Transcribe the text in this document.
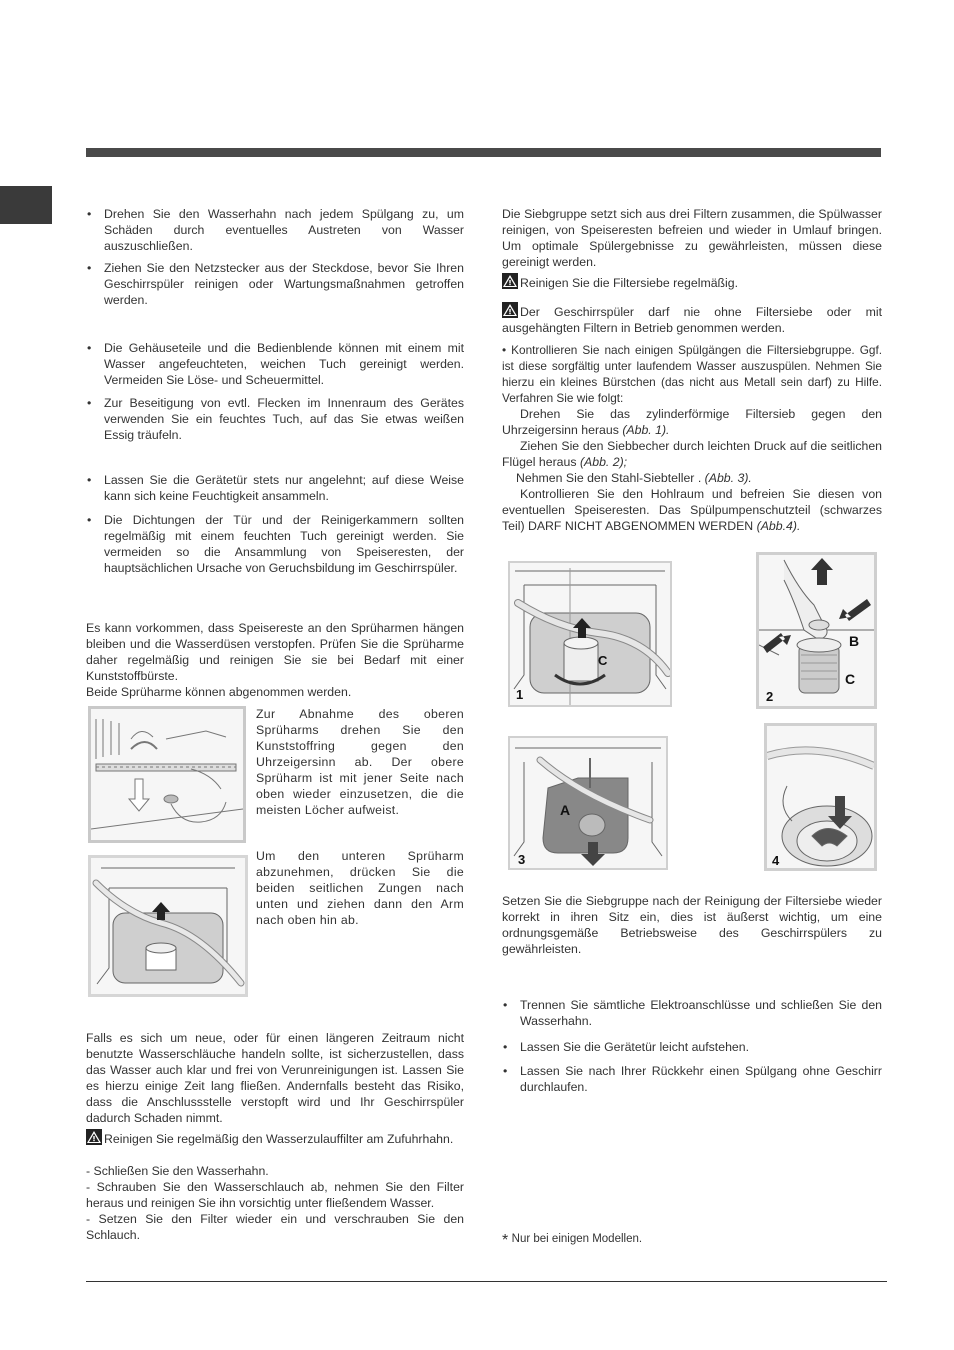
• Drehen Sie den Wasserhahn nach jedem Spülgang zu, um Schäden durch eventuelles Austreten von Wasser auszuschließen.
• Ziehen Sie den Netzstecker aus der Steckdose, bevor Sie Ihren Geschirrspüler reinigen oder Wartungsmaßnahmen getroffen werden.
• Die Gehäuseteile und die Bedienblende können mit einem mit Wasser angefeuchteten, weichen Tuch gereinigt werden. Vermeiden Sie Löse- und Scheuermittel.
• Zur Beseitigung von evtl. Flecken im Innenraum des Gerätes verwenden Sie ein feuchtes Tuch, auf das Sie etwas weißen Essig träufeln.
• Lassen Sie die Gerätetür stets nur angelehnt; auf diese Weise kann sich keine Feuchtigkeit ansammeln.
• Die Dichtungen der Tür und der Reinigerkammern sollten regelmäßig mit einem feuchten Tuch gereinigt werden. Sie vermeiden so die Ansammlung von Speiseresten, der hauptsächlichen Ursache von Geruchsbildung im Geschirrspüler.
Es kann vorkommen, dass Speisereste an den Sprüharmen hängen bleiben und die Wasserdüsen verstopfen. Prüfen Sie die Sprüharme daher regelmäßig und reinigen Sie sie bei Bedarf mit einer Kunststoffbürste.
Beide Sprüharme können abgenommen werden.
Zur Abnahme des oberen Sprüharms drehen Sie den Kunststoffring gegen den Uhrzeigersinn ab. Der obere Sprüharm ist mit jener Seite nach oben wieder einzusetzen, die die meisten Löcher aufweist.
Um den unteren Sprüharm abzunehmen, drücken Sie die beiden seitlichen Zungen nach unten und ziehen dann den Arm nach oben hin ab.
Falls es sich um neue, oder für einen längeren Zeitraum nicht benutzte Wasserschläuche handeln sollte, ist sicherzustellen, dass das Wasser auch klar und frei von Verunreinigungen ist. Lassen Sie es hierzu einige Zeit lang fließen. Andernfalls besteht das Risiko, dass die Anschlussstelle verstopft wird und Ihr Geschirrspüler dadurch Schaden nimmt.
Reinigen Sie regelmäßig den Wasserzulauffilter am Zufuhrhahn.
- Schließen Sie den Wasserhahn.
- Schrauben Sie den Wasserschlauch ab, nehmen Sie den Filter heraus und reinigen Sie ihn vorsichtig unter fließendem Wasser.
- Setzen Sie den Filter wieder ein und verschrauben Sie den Schlauch.
Die Siebgruppe setzt sich aus drei Filtern zusammen, die Spülwasser reinigen, von Speiseresten befreien und wieder in Umlauf bringen. Um optimale Spülergebnisse zu gewährleisten, müssen diese gereinigt werden.
Reinigen Sie die Filtersiebe regelmäßig.
Der Geschirrspüler darf nie ohne Filtersiebe oder mit ausgehängten Filtern in Betrieb genommen werden.
• Kontrollieren Sie nach einigen Spülgängen die Filtersiebgruppe. Ggf. ist diese sorgfältig unter laufendem Wasser auszuspülen. Nehmen Sie hierzu ein kleines Bürstchen (das nicht aus Metall sein darf) zu Hilfe. Verfahren Sie wie folgt:
Drehen Sie das zylinderförmige Filtersieb gegen den Uhrzeigersinn heraus (Abb. 1).
Ziehen Sie den Siebbecher durch leichten Druck auf die seitlichen Flügel heraus (Abb. 2);
Nehmen Sie den Stahl-Siebteller . (Abb. 3).
Kontrollieren Sie den Hohlraum und befreien Sie diesen von eventuellen Speiseresten. Das Spülpumpenschutzteil (schwarzes Teil) DARF NICHT ABGENOMMEN WERDEN (Abb.4).
1
C
B
C
2
A
3	4
Setzen Sie die Siebgruppe nach der Reinigung der Filtersiebe wieder korrekt in ihren Sitz ein, dies ist äußerst wichtig, um eine ordnungsgemäße Betriebsweise des Geschirrspülers zu gewährleisten.
• Trennen Sie sämtliche Elektroanschlüsse und schließen Sie den Wasserhahn.
• Lassen Sie die Gerätetür leicht aufstehen.
• Lassen Sie nach Ihrer Rückkehr einen Spülgang ohne Geschirr durchlaufen.
* Nur bei einigen Modellen.
